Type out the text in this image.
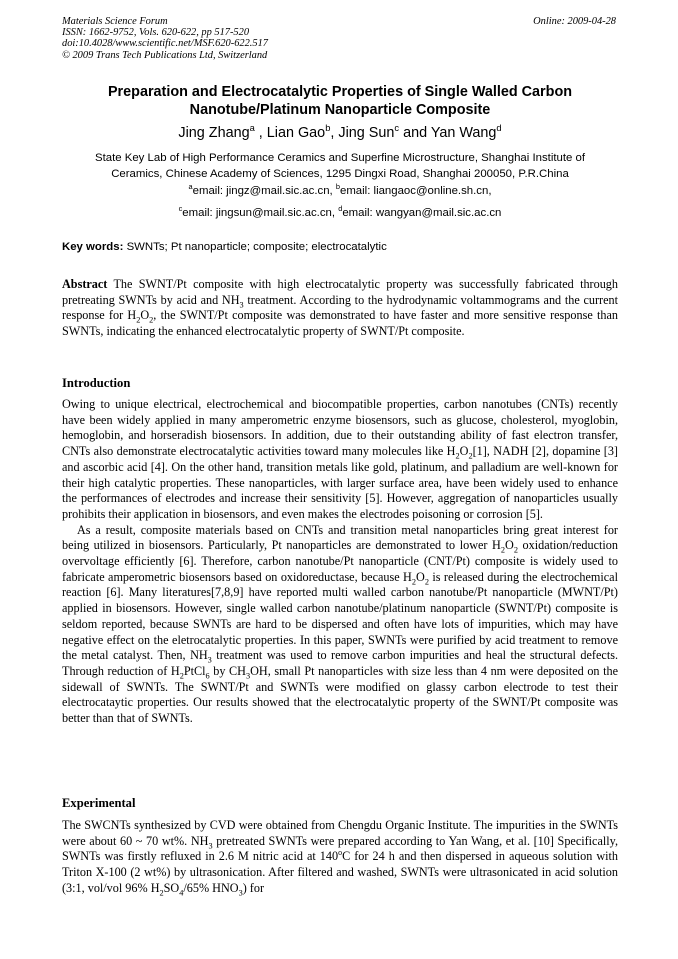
Materials Science Forum
ISSN: 1662-9752, Vols. 620-622, pp 517-520
doi:10.4028/www.scientific.net/MSF.620-622.517
© 2009 Trans Tech Publications Ltd, Switzerland
Online: 2009-04-28
Preparation and Electrocatalytic Properties of Single Walled Carbon
Nanotube/Platinum Nanoparticle Composite
Jing Zhang$^a$ , Lian Gao$^b$, Jing Sun$^c$ and Yan Wang$^d$
State Key Lab of High Performance Ceramics and Superfine Microstructure, Shanghai Institute of
Ceramics, Chinese Academy of Sciences, 1295 Dingxi Road, Shanghai 200050, P.R.China
$^a$email: jingz@mail.sic.ac.cn, $^b$email: liangaoc@online.sh.cn,
$^c$email: jingsun@mail.sic.ac.cn, $^d$email: wangyan@mail.sic.ac.cn
Key words: SWNTs; Pt nanoparticle; composite; electrocatalytic
Abstract The SWNT/Pt composite with high electrocatalytic property was successfully fabricated through pretreating SWNTs by acid and $NH_3$ treatment. According to the hydrodynamic voltammograms and the current response for $H_2O_2$, the SWNT/Pt composite was demonstrated to have faster and more sensitive response than SWNTs, indicating the enhanced electrocatalytic property of SWNT/Pt composite.
Introduction
Owing to unique electrical, electrochemical and biocompatible properties, carbon nanotubes (CNTs) recently have been widely applied in many amperometric enzyme biosensors, such as glucose, cholesterol, myoglobin, hemoglobin, and horseradish biosensors. In addition, due to their outstanding ability of fast electron transfer, CNTs also demonstrate electrocatalytic activities toward many molecules like $H_2O_2[1]$, NADH [2], dopamine [3] and ascorbic acid [4]. On the other hand, transition metals like gold, platinum, and palladium are well-known for their high catalytic properties. These nanoparticles, with larger surface area, have been widely used to enhance the performances of electrodes and increase their sensitivity [5]. However, aggregation of nanoparticles usually prohibits their application in biosensors, and even makes the electrodes poisoning or corrosion [5].
As a result, composite materials based on CNTs and transition metal nanoparticles bring great interest for being utilized in biosensors. Particularly, Pt nanoparticles are demonstrated to lower $H_2O_2$ oxidation/reduction overvoltage efficiently [6]. Therefore, carbon nanotube/Pt nanoparticle (CNT/Pt) composite is widely used to fabricate amperometric biosensors based on oxidoreductase, because $H_2O_2$ is released during the electrochemical reaction [6]. Many literatures[7,8,9] have reported multi walled carbon nanotube/Pt nanoparticle (MWNT/Pt) applied in biosensors. However, single walled carbon nanotube/platinum nanoparticle (SWNT/Pt) composite is seldom reported, because SWNTs are hard to be dispersed and often have lots of impurities, which may have negative effect on the eletrocatalytic properties. In this paper, SWNTs were purified by acid treatment to remove the metal catalyst. Then, $NH_3$ treatment was used to remove carbon impurities and heal the structural defects. Through reduction of $H_2PtCl_6$ by $CH_3OH$, small Pt nanoparticles with size less than 4 nm were deposited on the sidewall of SWNTs. The SWNT/Pt and SWNTs were modified on glassy carbon electrode to test their electrocataytic properties. Our results showed that the electrocatalytic property of the SWNT/Pt composite was better than that of SWNTs.
Experimental
The SWCNTs synthesized by CVD were obtained from Chengdu Organic Institute. The impurities in the SWNTs were about 60 ~ 70 wt%. $NH_3$ pretreated SWNTs were prepared according to Yan Wang, et al. [10] Specifically, SWNTs was firstly refluxed in 2.6 M nitric acid at 140$^o$C for 24 h and then dispersed in aqueous solution with Triton X-100 (2 wt%) by ultrasonication. After filtered and washed, SWNTs were ultrasonicated in acid solution (3:1, vol/vol 96% $H_2SO_4/65\%$ $HNO_3$) for
